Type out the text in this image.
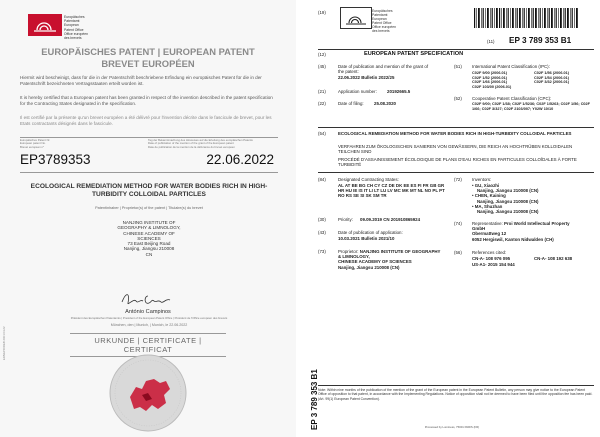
Europäisches
Patentamt
European
Patent Office
Office européen
des brevets
EUROPÄISCHES PATENT | EUROPEAN PATENT
BREVET EUROPÉEN
Hiermit wird bescheinigt, dass für die in der Patentschrift beschriebene Erfindung ein europäisches Patent für die in der Patentschrift bezeichneten Vertragsstaaten erteilt worden ist.
It is hereby certified that a European patent has been granted in respect of the invention described in the patent specification for the Contracting States designated in the specification.
Il est certifié par la présente qu'un brevet européen a été délivré pour l'invention décrite dans le fascicule de brevet, pour les Etats contractants désignés dans le fascicule.
Europäisches Patent Nr.
European patent No.
Brevet européen n°
Tag der Bekanntmachung des Hinweises auf die Erteilung des europäischen Patents
Date of publication of the mention of the grant of the European patent
Date de publication de la mention de la délivrance du brevet européen
EP3789353	22.06.2022
ECOLOGICAL REMEDIATION METHOD FOR WATER BODIES RICH IN HIGH-TURBIDITY COLLOIDAL PARTICLES
Patentinhaber | Proprietor(s) of the patent | Titulaire(s) du brevet
NANJING INSTITUTE OF
GEOGRAPHY & LIMNOLOGY,
CHINESE ACADEMY OF
SCIENCES
73 East Beijing Road
Nanjing, Jiangsu 210008
CN
António Campinos
Präsident des Europäischen Patentamts | President of the European Patent Office | Président de l'Office européen des brevets
München, den | Munich, | Munich, le 22.06.2022
URKUNDE | CERTIFICATE | CERTIFICAT
EPA/EPO/OEB 2001 04.22
(19)	Europäisches
Patentamt
European
Patent Office
Office européen
des brevets
(11) EP 3 789 353 B1
(12)	EUROPEAN PATENT SPECIFICATION
(45)	Date of publication and mention of the grant of the patent:
22.06.2022 Bulletin 2022/25
(21)	Application number: 20192665.5
(22)	Date of filing: 25.08.2020
(51) International Patent Classification (IPC):
C02F 9/00 (2006.01)
C02F 1/52 (2006.01)
C02F 1/66 (2006.01)
C02F 103/00 (2006.01)
C02F 1/56 (2006.01)
C02F 1/54 (2006.01)
C02F 3/32 (2006.01)
(52) Cooperative Patent Classification (CPC):
C02F 9/00; C02F 1/38; C02F 1/5236; C02F 1/5263; C02F 1/56; C02F 1/66; C02F 3/327; C02F 2103/007; Y02W 10/10
(54)	ECOLOGICAL REMEDIATION METHOD FOR WATER BODIES RICH IN HIGH-TURBIDITY COLLOIDAL PARTICLES
VERFAHREN ZUM ÖKOLOGISCHEN SANIEREN VON GEWÄSSERN, DIE REICH AN HOCHTRÜBEN KOLLOIDALEN TEILCHEN SIND
PROCÉDÉ D'ASSAINISSEMENT ÉCOLOGIQUE DE PLANS D'EAU RICHES EN PARTICULES COLLOÏDALES À FORTE TURBIDITÉ
(84)	Designated Contracting States:
AL AT BE BG CH CY CZ DE DK EE ES FI FR GB GR HR HU IE IS IT LI LT LU LV MC MK MT NL NO PL PT RO RS SE SI SK SM TR
(30)	Priority: 09.09.2019 CN 201910865924
(43)	Date of publication of application:
10.03.2021 Bulletin 2021/10
(73)	Proprietor: NANJING INSTITUTE OF GEOGRAPHY
& LIMNOLOGY,
CHINESE ACADEMY OF SCIENCES
Nanjing, Jiangsu 210008 (CN)
(72) Inventors:
• GU, Xiaozhi
Nanjing, Jiangsu 210008 (CN)
• CHEN, Kaining
Nanjing, Jiangsu 210008 (CN)
• MA, Shuzhan
Nanjing, Jiangsu 210008 (CN)
(74) Representative: Proi World Intellectual Property
GmbH
Obermattweg 12
6052 Hergiswil, Kanton Nidwalden (CH)
(56) References cited:
CN-A- 108 976 095	CN-A- 108 192 638
US-A1- 2015 154 944
EP 3 789 353 B1 Note: Within nine months of the publication of the mention of the grant of the European patent in the European Patent Bulletin, any person may give notice to the European Patent Office of opposition to that patent, in accordance with the Implementing Regulations. Notice of opposition shall not be deemed to have been filed until the opposition fee has been paid. (Art. 99(1) European Patent Convention).
Processed by Luminess, 75001 PARIS (FR)
